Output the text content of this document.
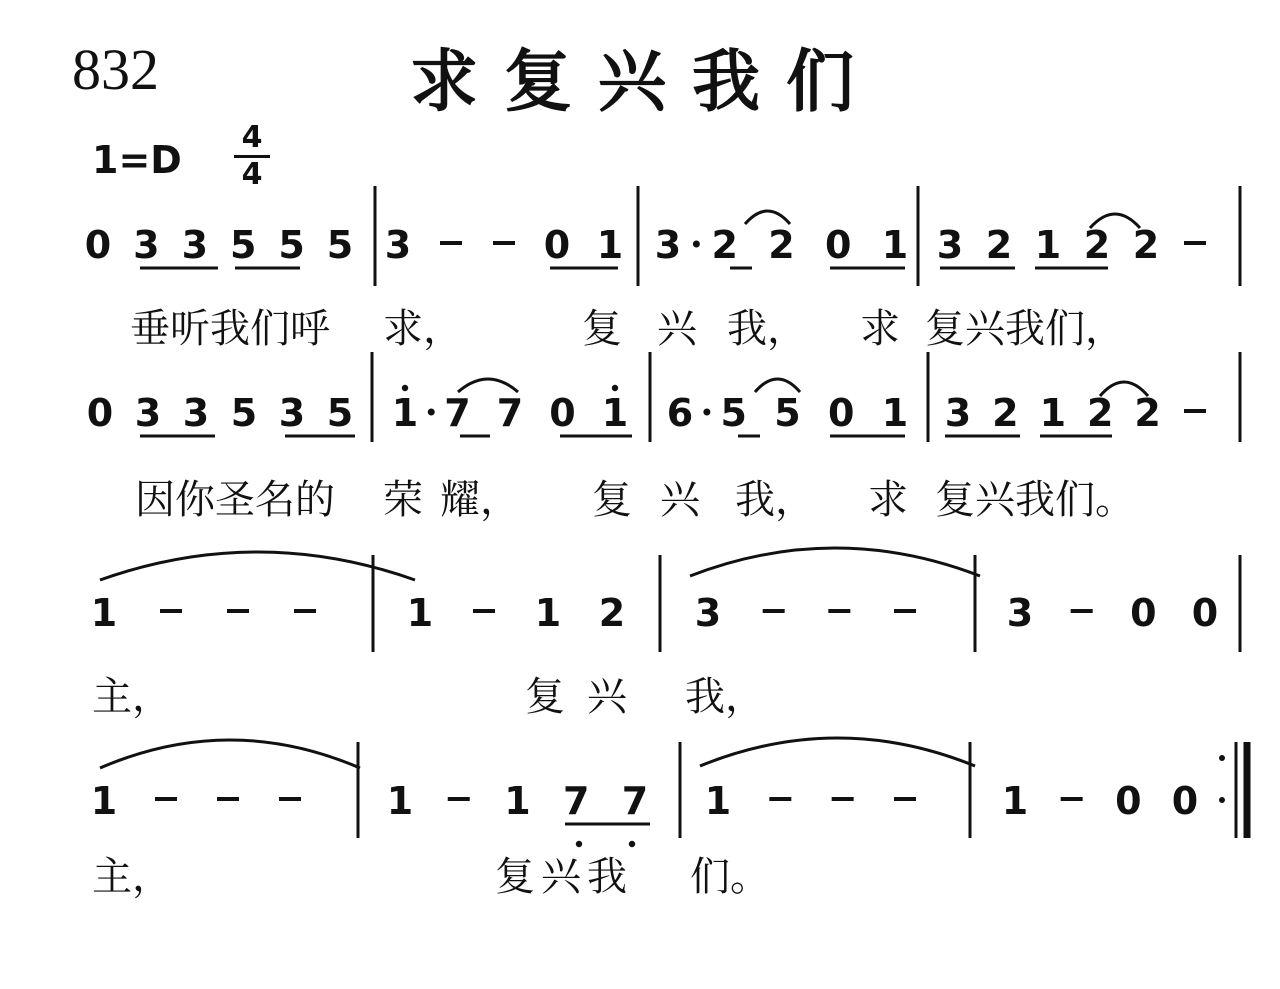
832	求复兴我们
1=D
4
4
0 3 3 5 5 5 3	0 1 3 2 2 0 1 3 2 1 2 2
0 3 3 5 3 5 1 7 7 0 1 6 5 5 0 1 3 2 1 2 2
1	1	1 2 3	3	0 0
1	1 1 7 7 1	1 0 0
垂听我们呼 求，	复 兴 我， 求 复兴我们，
因你圣名的 荣 耀， 复 兴 我， 求 复兴我们。
主，	复兴 我，
主，	复兴我 们。
